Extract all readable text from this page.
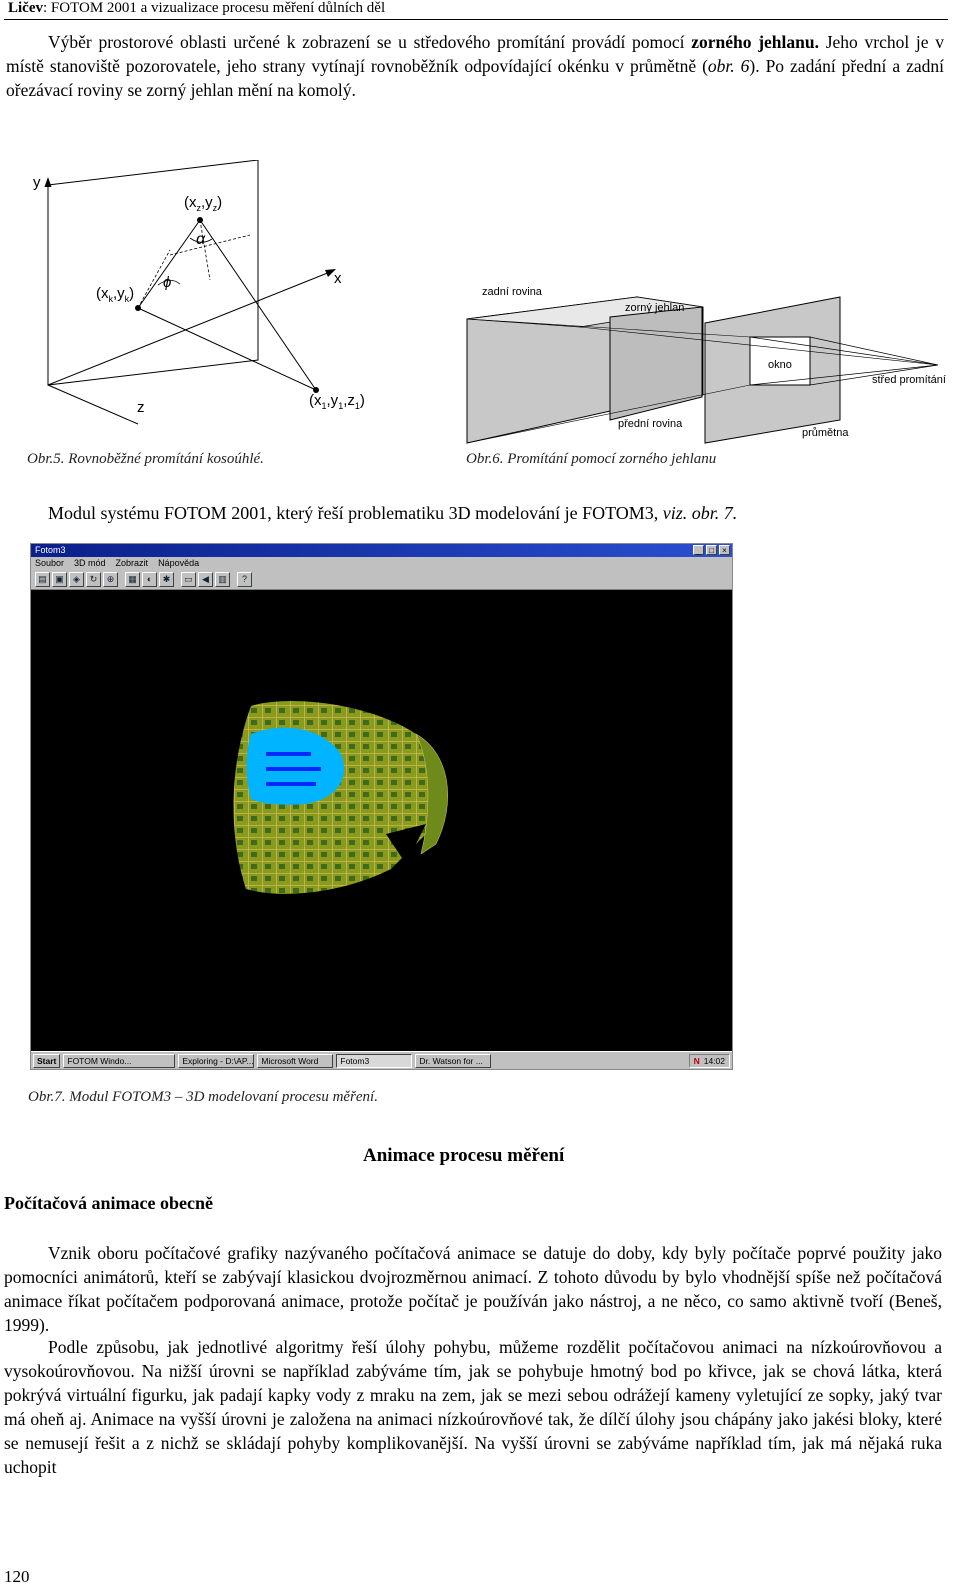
Ličev: FOTOM 2001 a vizualizace procesu měření důlních děl
Výběr prostorové oblasti určené k zobrazení se u středového promítání provádí pomocí zorného jehlanu. Jeho vrchol je v místě stanoviště pozorovatele, jeho strany vytínají rovnoběžník odpovídající okénku v průmětně (obr. 6). Po zadání přední a zadní ořezávací roviny se zorný jehlan mění na komolý.
y
x
z
α
ϕ
$(x_z,y_z)$
$(x_k,y_k)$
$(x_1,y_1,z_1)$
Obr.5. Rovnoběžné promítání kosoúhlé.
zadní rovina
zorný jehlan
okno
střed promítání
přední rovina
průmětna
Obr.6. Promítání pomocí zorného jehlanu
Modul systému FOTOM 2001, který řeší problematiku 3D modelování je FOTOM3, viz. obr. 7.
Fotom3	_	□	×
Soubor 3D mód Zobrazit Nápověda
▤ ▣	◈	↻	⊕	▦	◐	✱	▭	◀	▥	?
Start	FOTOM Windo...	Exploring - D:\AP... Microsoft Word	Fotom3	Dr. Watson for ...	N 14:02
Obr.7. Modul FOTOM3 – 3D modelovaní procesu měření.
Animace procesu měření
Počítačová animace obecně
Vznik oboru počítačové grafiky nazývaného počítačová animace se datuje do doby, kdy byly počítače poprvé použity jako pomocníci animátorů, kteří se zabývají klasickou dvojrozměrnou animací. Z tohoto důvodu by bylo vhodnější spíše než počítačová animace říkat počítačem podporovaná animace, protože počítač je používán jako nástroj, a ne něco, co samo aktivně tvoří (Beneš, 1999).
Podle způsobu, jak jednotlivé algoritmy řeší úlohy pohybu, můžeme rozdělit počítačovou animaci na nízkoúrovňovou a vysokoúrovňovou. Na nižší úrovni se například zabýváme tím, jak se pohybuje hmotný bod po křivce, jak se chová látka, která pokrývá virtuální figurku, jak padají kapky vody z mraku na zem, jak se mezi sebou odrážejí kameny vyletující ze sopky, jaký tvar má oheň aj. Animace na vyšší úrovni je založena na animaci nízkoúrovňové tak, že dílčí úlohy jsou chápány jako jakési bloky, které se nemusejí řešit a z nichž se skládají pohyby komplikovanější. Na vyšší úrovni se zabýváme například tím, jak má nějaká ruka uchopit
120
